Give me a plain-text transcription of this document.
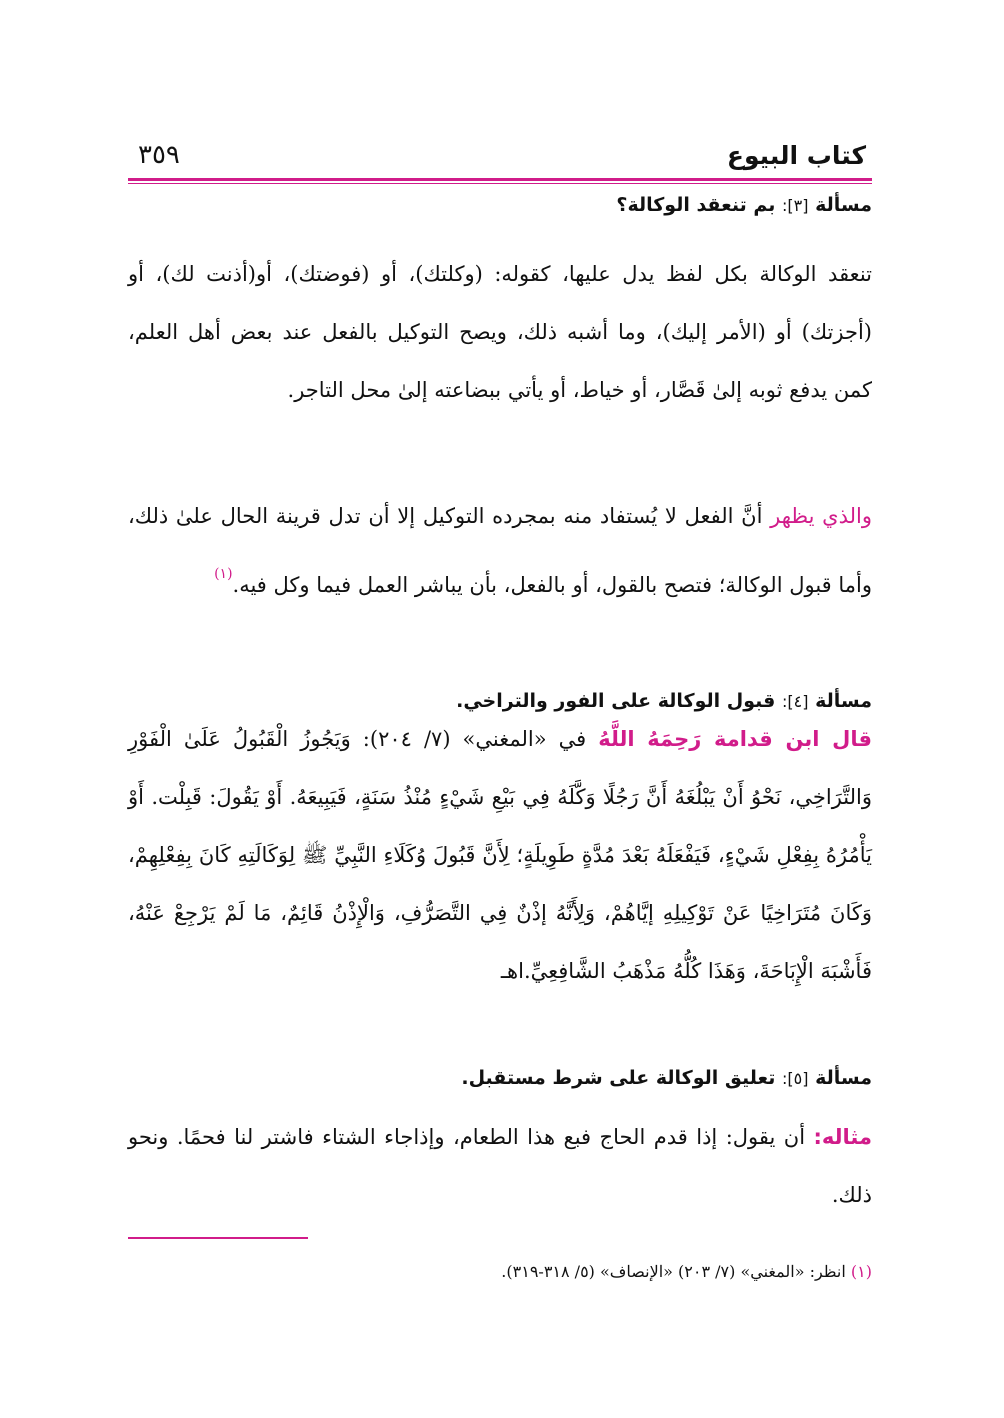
كتاب البيوع
٣٥٩
مسألة [٣]: بم تنعقد الوكالة؟

تنعقد الوكالة بكل لفظ يدل عليها، كقوله: (وكلتك)، أو (فوضتك)، أو(أذنت لك)، أو (أجزتك) أو (الأمر إليك)، وما أشبه ذلك، ويصح التوكيل بالفعل عند بعض أهل العلم، كمن يدفع ثوبه إلىٰ قَصَّار، أو خياط، أو يأتي ببضاعته إلىٰ محل التاجر.

والذي يظهر أنَّ الفعل لا يُستفاد منه بمجرده التوكيل إلا أن تدل قرينة الحال علىٰ ذلك، وأما قبول الوكالة؛ فتصح بالقول، أو بالفعل، بأن يباشر العمل فيما وكل فيه.$^{(١)}$

مسألة [٤]: قبول الوكالة على الفور والتراخي.

قال ابن قدامة رَحِمَهُ اللَّهُ في «المغني» (٧/ ٢٠٤): وَيَجُوزُ الْقَبُولُ عَلَىٰ الْفَوْرِ وَالتَّرَاخِي، نَحْوُ أَنْ يَبْلُغَهُ أَنَّ رَجُلًا وَكَّلَهُ فِي بَيْعِ شَيْءٍ مُنْذُ سَنَةٍ، فَيَبِيعَهُ. أَوْ يَقُولَ: قَبِلْت. أَوْ يَأْمُرُهُ بِفِعْلِ شَيْءٍ، فَيَفْعَلَهُ بَعْدَ مُدَّةٍ طَوِيلَةٍ؛ لِأَنَّ قَبُولَ وُكَلَاءِ النَّبِيِّ ﷺ لِوَكَالَتِهِ كَانَ بِفِعْلِهِمْ، وَكَانَ مُتَرَاخِيًا عَنْ تَوْكِيلِهِ إيَّاهُمْ، وَلِأَنَّهُ إذْنٌ فِي التَّصَرُّفِ، وَالْإِذْنُ قَائِمٌ، مَا لَمْ يَرْجِعْ عَنْهُ، فَأَشْبَهَ الْإِبَاحَةَ، وَهَذَا كُلُّهُ مَذْهَبُ الشَّافِعِيِّ.اهـ

مسألة [٥]: تعليق الوكالة على شرط مستقبل.

مثاله: أن يقول: إذا قدم الحاج فبع هذا الطعام، وإذاجاء الشتاء فاشتر لنا فحمًا. ونحو ذلك.

(١) انظر: «المغني» (٧/ ٢٠٣) «الإنصاف» (٥/ ٣١٨-٣١٩).
